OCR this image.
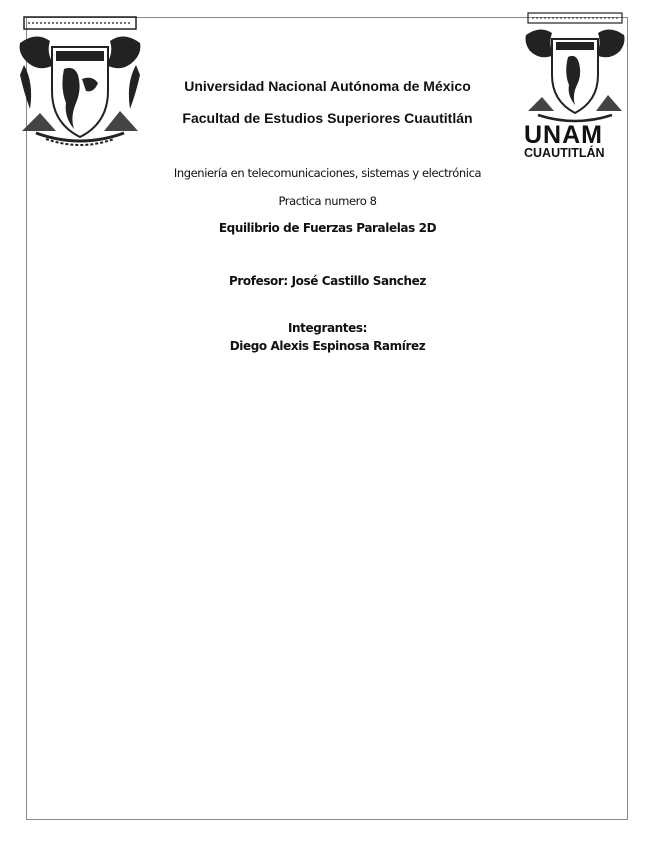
UNAM
CUAUTITLÁN
Universidad Nacional Autónoma de México
Facultad de Estudios Superiores Cuautitlán
Ingeniería en telecomunicaciones, sistemas y electrónica
Practica numero 8
Equilibrio de Fuerzas Paralelas 2D
Profesor: José Castillo Sanchez
Integrantes:
Diego Alexis Espinosa Ramírez
